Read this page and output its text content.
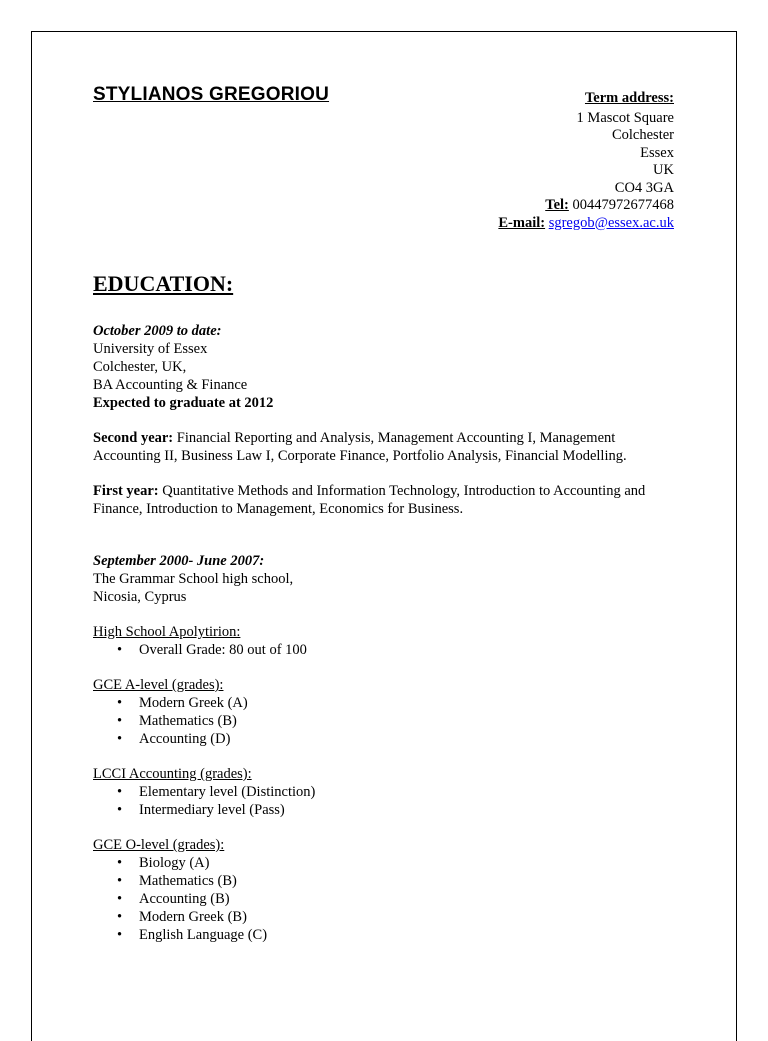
STYLIANOS GREGORIOU	Term address:
1 Mascot Square
Colchester
Essex
UK
CO4 3GA
Tel: 00447972677468
E-mail: sgregob@essex.ac.uk
EDUCATION:

October 2009 to date:
University of Essex
Colchester, UK,
BA Accounting & Finance
Expected to graduate at 2012

Second year: Financial Reporting and Analysis, Management Accounting I, Management Accounting II, Business Law I, Corporate Finance, Portfolio Analysis, Financial Modelling.

First year: Quantitative Methods and Information Technology, Introduction to Accounting and Finance, Introduction to Management, Economics for Business.

September 2000- June 2007:
The Grammar School high school,
Nicosia, Cyprus

High School Apolytirion:
• Overall Grade: 80 out of 100
GCE A-level (grades):
• Modern Greek (A)
• Mathematics (B)
• Accounting (D)
LCCI Accounting (grades):
• Elementary level (Distinction)
• Intermediary level (Pass)
GCE O-level (grades):
• Biology (A)
• Mathematics (B)
• Accounting (B)
• Modern Greek (B)
• English Language (C)
